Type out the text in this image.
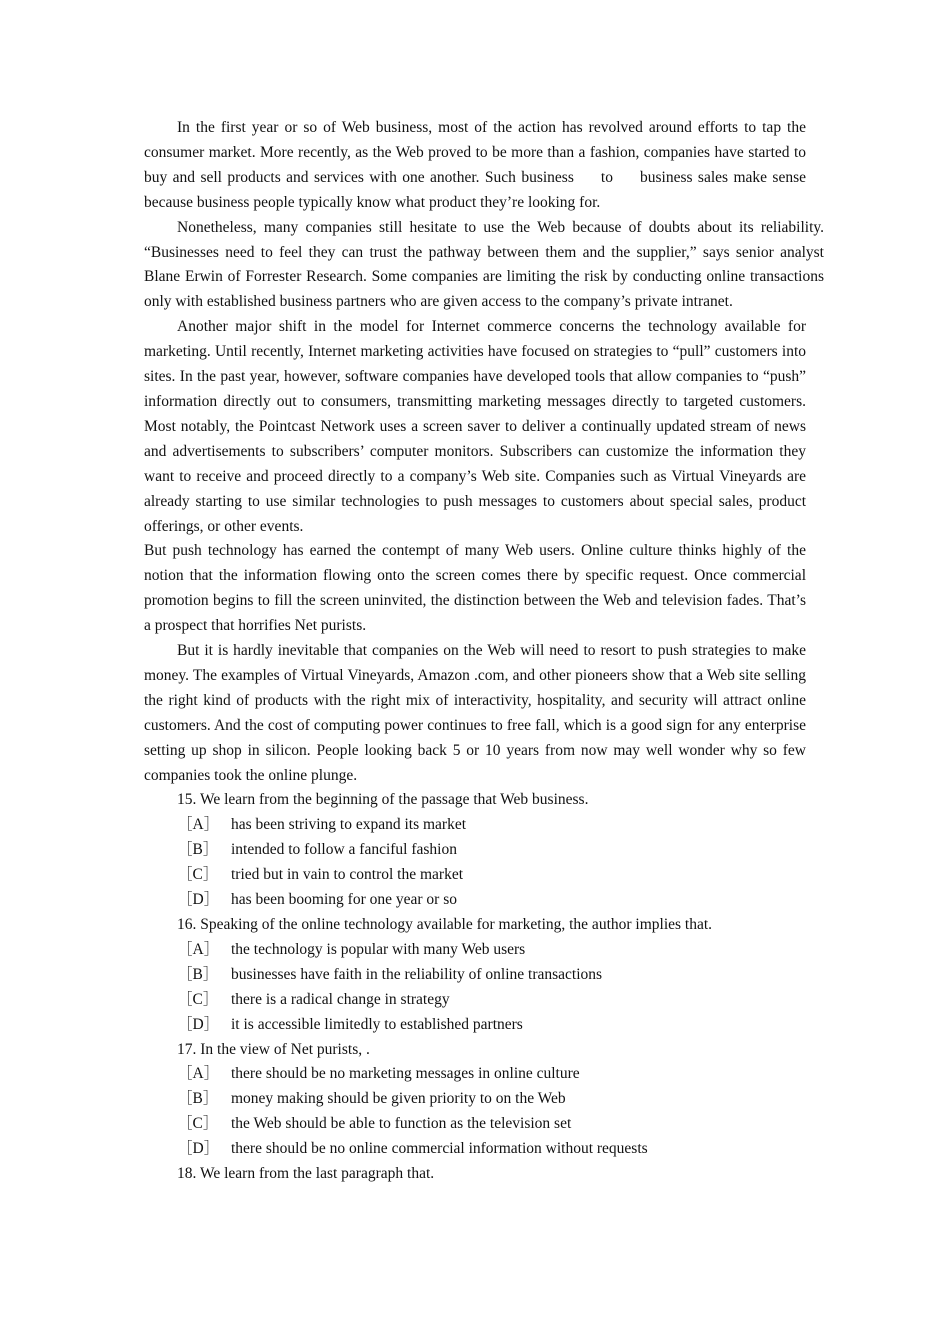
In the first year or so of Web business, most of the action has revolved around efforts to tap the consumer market. More recently, as the Web proved to be more than a fashion, companies have started to buy and sell products and services with one another. Such business     to     business sales make sense because business people typically know what product they’re looking for.

Nonetheless, many companies still hesitate to use the Web because of doubts about its reliability. “Businesses need to feel they can trust the pathway between them and the supplier,” says senior analyst Blane Erwin of Forrester Research. Some companies are limiting the risk by conducting online transactions only with established business partners who are given access to the company’s private intranet.

Another major shift in the model for Internet commerce concerns the technology available for marketing. Until recently, Internet marketing activities have focused on strategies to “pull” customers into sites. In the past year, however, software companies have developed tools that allow companies to “push” information directly out to consumers, transmitting marketing messages directly to targeted customers. Most notably, the Pointcast Network uses a screen saver to deliver a continually updated stream of news and advertisements to subscribers’ computer monitors. Subscribers can customize the information they want to receive and proceed directly to a company’s Web site. Companies such as Virtual Vineyards are already starting to use similar technologies to push messages to customers about special sales, product offerings, or other events.

But push technology has earned the contempt of many Web users. Online culture thinks highly of the notion that the information flowing onto the screen comes there by specific request. Once commercial promotion begins to fill the screen uninvited, the distinction between the Web and television fades. That’s a prospect that horrifies Net purists.

But it is hardly inevitable that companies on the Web will need to resort to push strategies to make money. The examples of Virtual Vineyards, Amazon .com, and other pioneers show that a Web site selling the right kind of products with the right mix of interactivity, hospitality, and security will attract online customers. And the cost of computing power continues to free fall, which is a good sign for any enterprise setting up shop in silicon. People looking back 5 or 10 years from now may well wonder why so few companies took the online plunge.

15. We learn from the beginning of the passage that Web business.

［A］ has been striving to expand its market

［B］ intended to follow a fanciful fashion

［C］ tried but in vain to control the market

［D］ has been booming for one year or so

16. Speaking of the online technology available for marketing, the author implies that.

［A］ the technology is popular with many Web users

［B］ businesses have faith in the reliability of online transactions

［C］ there is a radical change in strategy

［D］ it is accessible limitedly to established partners

17. In the view of Net purists, .

［A］ there should be no marketing messages in online culture

［B］ money making should be given priority to on the Web

［C］ the Web should be able to function as the television set

［D］ there should be no online commercial information without requests

18. We learn from the last paragraph that.
